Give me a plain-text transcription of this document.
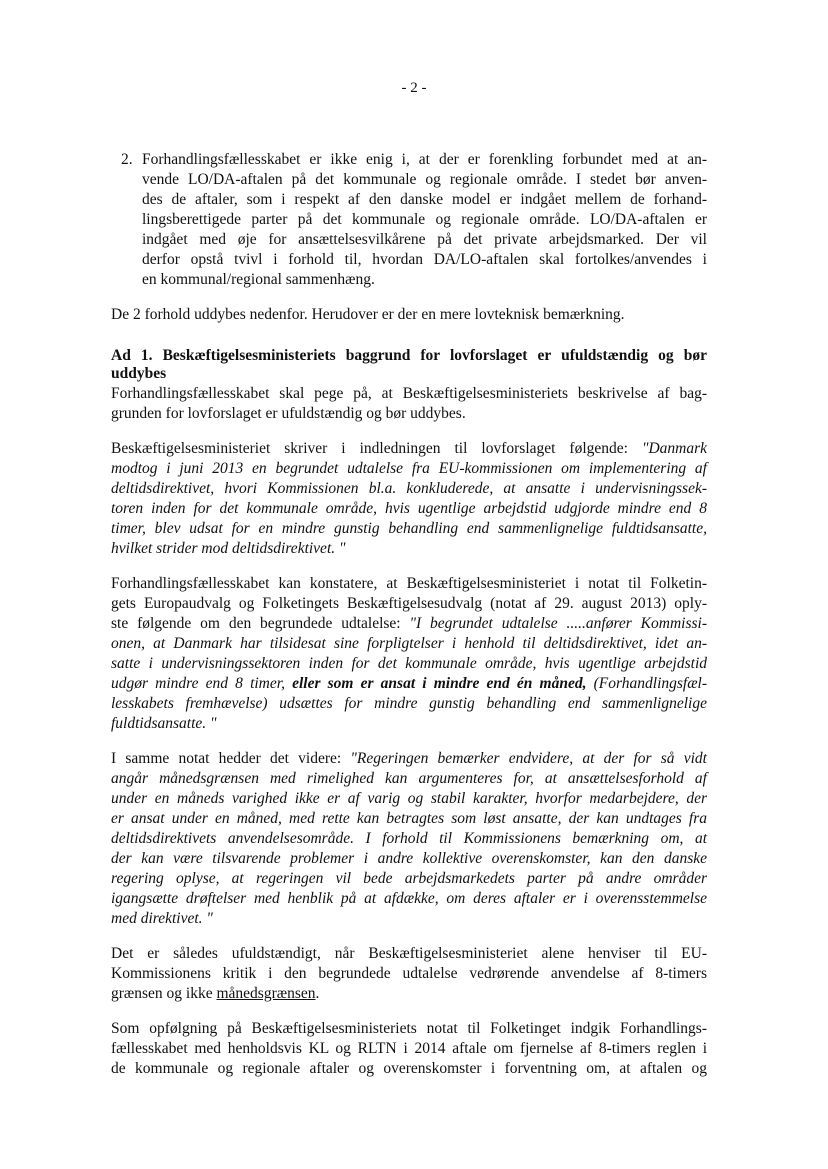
- 2 -
2. Forhandlingsfællesskabet er ikke enig i, at der er forenkling forbundet med at an-
vende LO/DA-aftalen på det kommunale og regionale område. I stedet bør anven-
des de aftaler, som i respekt af den danske model er indgået mellem de forhand-
lingsberettigede parter på det kommunale og regionale område. LO/DA-aftalen er
indgået med øje for ansættelsesvilkårene på det private arbejdsmarked. Der vil
derfor opstå tvivl i forhold til, hvordan DA/LO-aftalen skal fortolkes/anvendes i
en kommunal/regional sammenhæng.
De 2 forhold uddybes nedenfor. Herudover er der en mere lovteknisk bemærkning.
Ad 1. Beskæftigelsesministeriets baggrund for lovforslaget er ufuldstændig og bør
uddybes
Forhandlingsfællesskabet skal pege på, at Beskæftigelsesministeriets beskrivelse af bag-
grunden for lovforslaget er ufuldstændig og bør uddybes.
Beskæftigelsesministeriet skriver i indledningen til lovforslaget følgende: "Danmark
modtog i juni 2013 en begrundet udtalelse fra EU-kommissionen om implementering af
deltidsdirektivet, hvori Kommissionen bl.a. konkluderede, at ansatte i undervisningssek-
toren inden for det kommunale område, hvis ugentlige arbejdstid udgjorde mindre end 8
timer, blev udsat for en mindre gunstig behandling end sammenlignelige fuldtidsansatte,
hvilket strider mod deltidsdirektivet. "
Forhandlingsfællesskabet kan konstatere, at Beskæftigelsesministeriet i notat til Folketin-
gets Europaudvalg og Folketingets Beskæftigelsesudvalg (notat af 29. august 2013) oply-
ste følgende om den begrundede udtalelse: "I begrundet udtalelse .....anfører Kommissi-
onen, at Danmark har tilsidesat sine forpligtelser i henhold til deltidsdirektivet, idet an-
satte i undervisningssektoren inden for det kommunale område, hvis ugentlige arbejdstid
udgør mindre end 8 timer, eller som er ansat i mindre end én måned, (Forhandlingsfæl-
lesskabets fremhævelse) udsættes for mindre gunstig behandling end sammenlignelige
fuldtidsansatte. "
I samme notat hedder det videre: "Regeringen bemærker endvidere, at der for så vidt
angår månedsgrænsen med rimelighed kan argumenteres for, at ansættelsesforhold af
under en måneds varighed ikke er af varig og stabil karakter, hvorfor medarbejdere, der
er ansat under en måned, med rette kan betragtes som løst ansatte, der kan undtages fra
deltidsdirektivets anvendelsesområde. I forhold til Kommissionens bemærkning om, at
der kan være tilsvarende problemer i andre kollektive overenskomster, kan den danske
regering oplyse, at regeringen vil bede arbejdsmarkedets parter på andre områder
igangsætte drøftelser med henblik på at afdække, om deres aftaler er i overensstemmelse
med direktivet. "
Det er således ufuldstændigt, når Beskæftigelsesministeriet alene henviser til EU-
Kommissionens kritik i den begrundede udtalelse vedrørende anvendelse af 8-timers
grænsen og ikke månedsgrænsen.
Som opfølgning på Beskæftigelsesministeriets notat til Folketinget indgik Forhandlings-
fællesskabet med henholdsvis KL og RLTN i 2014 aftale om fjernelse af 8-timers reglen i
de kommunale og regionale aftaler og overenskomster i forventning om, at aftalen og
